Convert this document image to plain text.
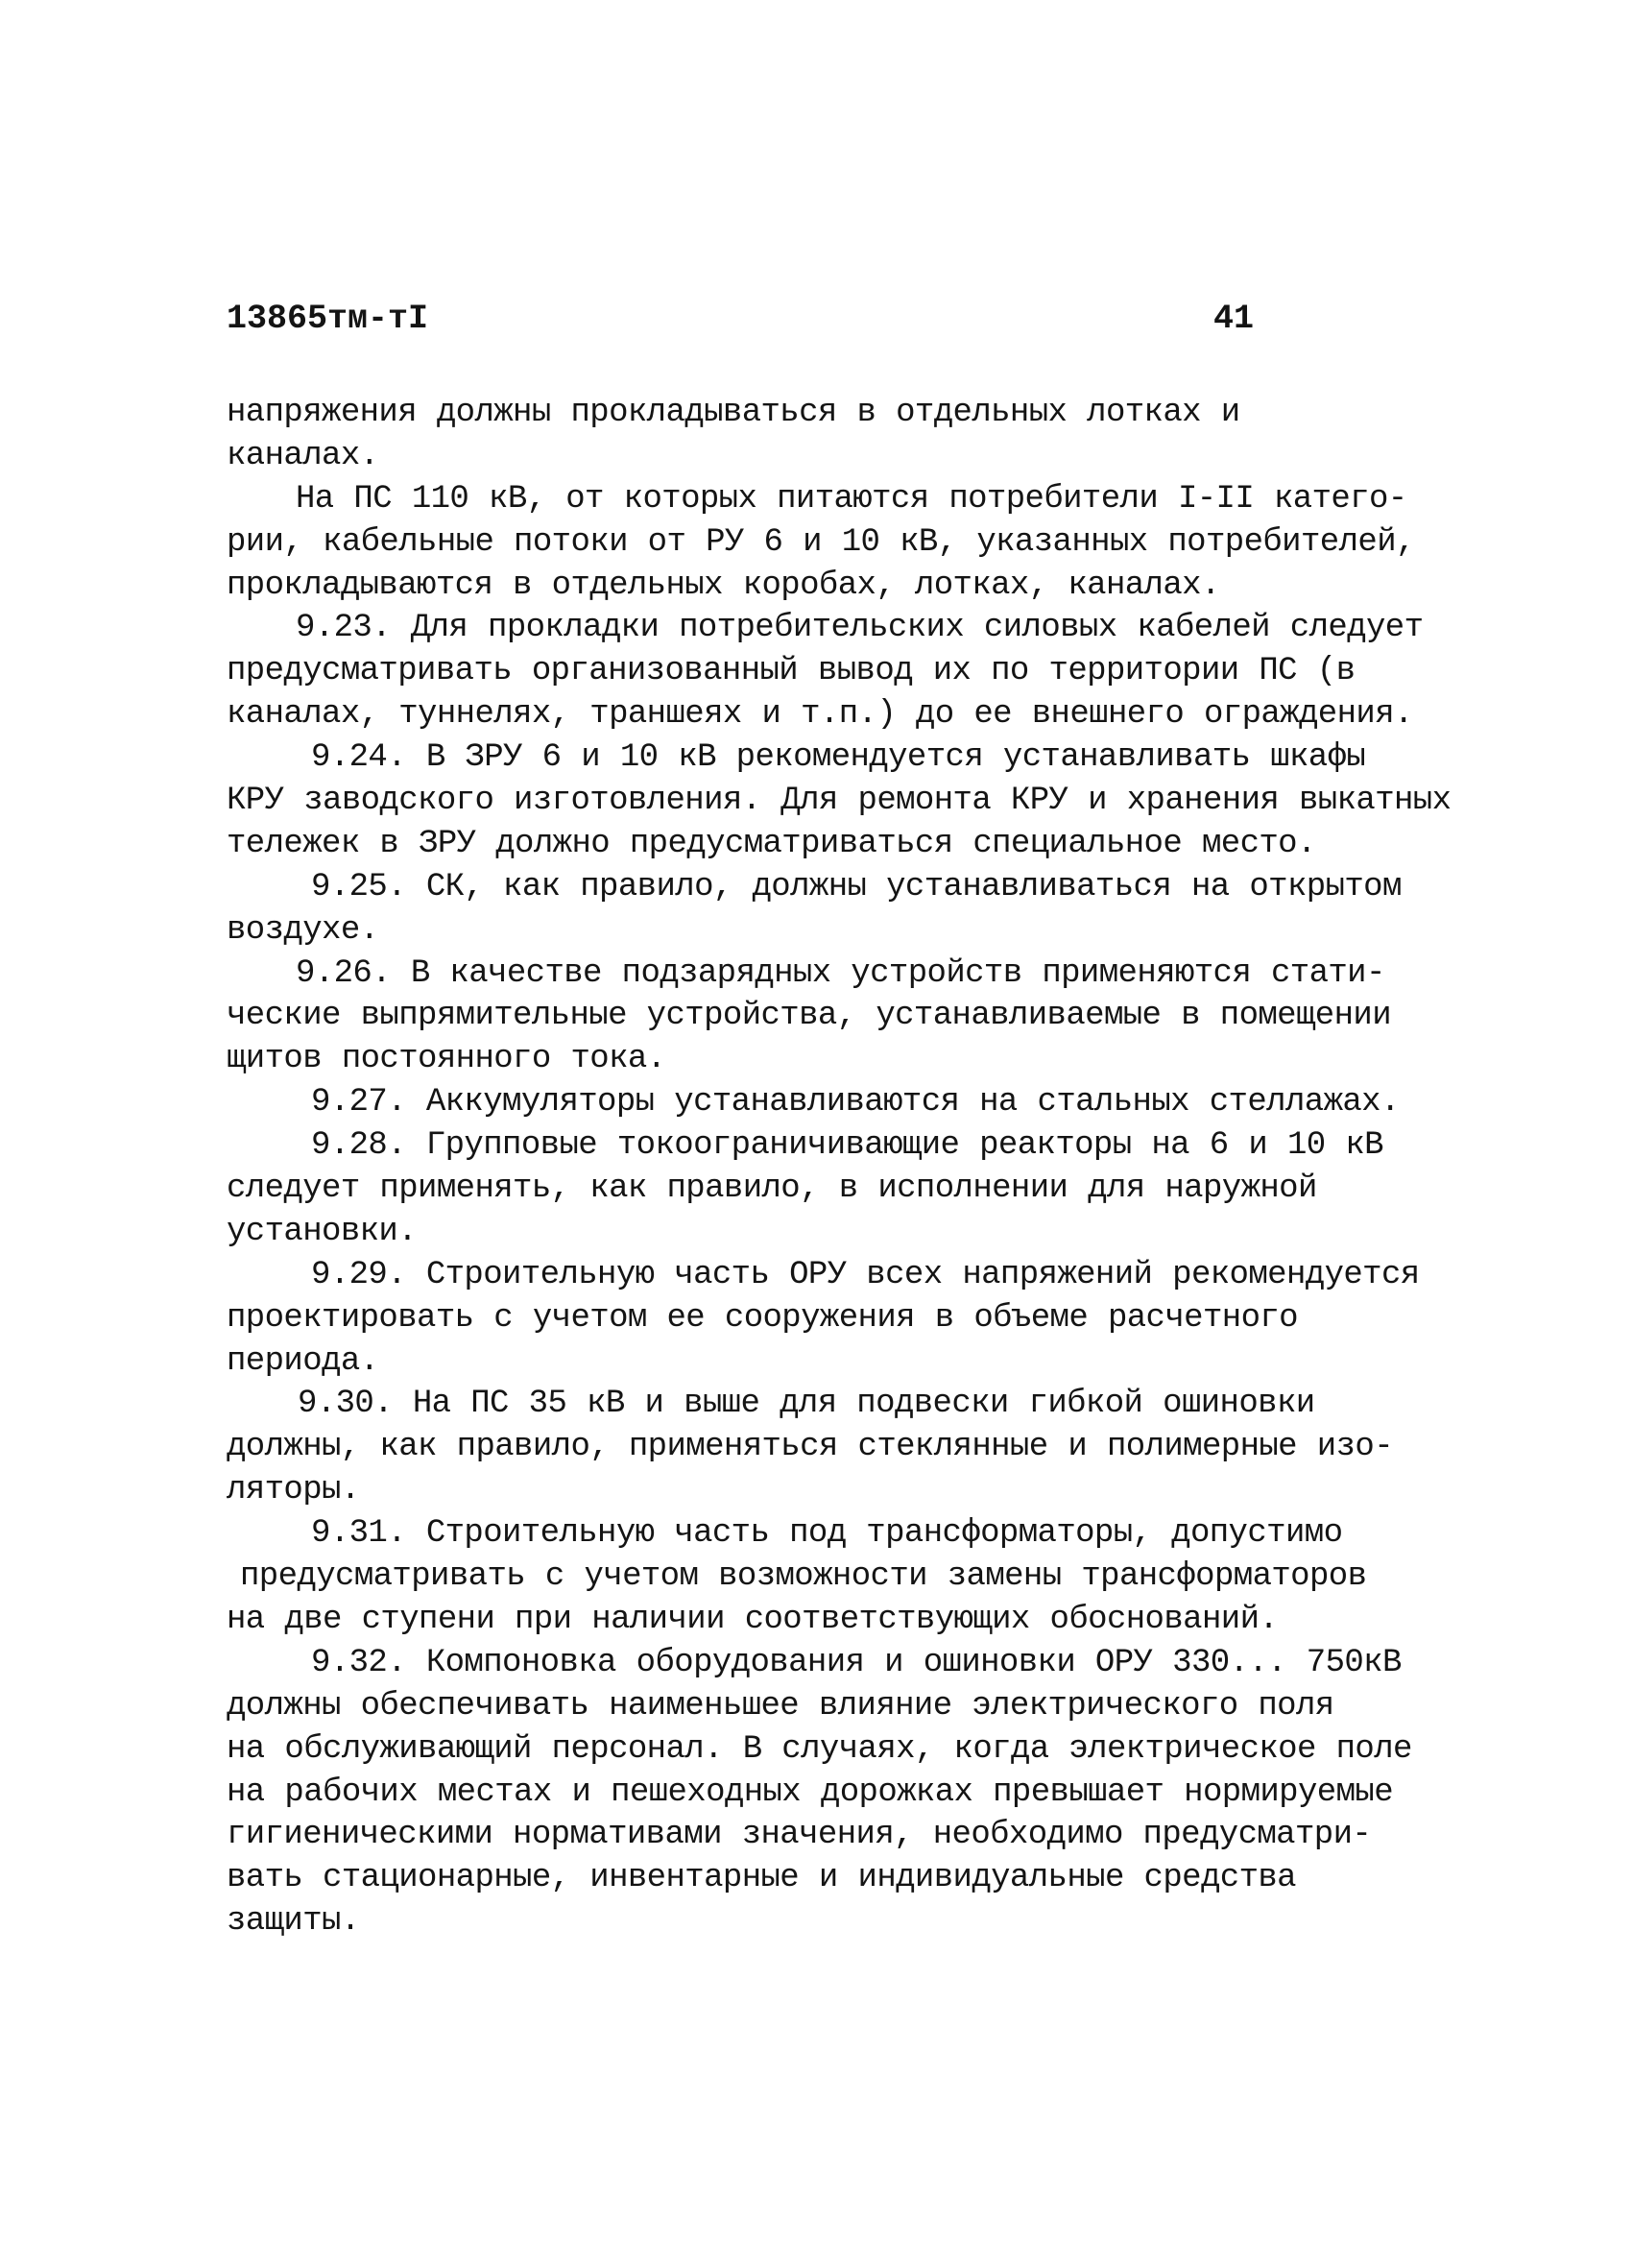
13865тм-тI	41
напряжения должны прокладываться в отдельных лотках и
каналах.
На ПС 110 кВ, от которых питаются потребители I-II катего-
рии, кабельные потоки от РУ 6 и 10 кВ, указанных потребителей,
прокладываются в отдельных коробах, лотках, каналах.
9.23. Для прокладки потребительских силовых кабелей следует
предусматривать организованный вывод их по территории ПС (в
каналах, туннелях, траншеях и т.п.) до ее внешнего ограждения.
9.24. В ЗРУ 6 и 10 кВ рекомендуется устанавливать шкафы
КРУ заводского изготовления. Для ремонта КРУ и хранения выкатных
тележек в ЗРУ должно предусматриваться специальное место.
9.25. СК, как правило, должны устанавливаться на открытом
воздухе.
9.26. В качестве подзарядных устройств применяются стати-
ческие выпрямительные устройства, устанавливаемые в помещении
щитов постоянного тока.
9.27. Аккумуляторы устанавливаются на стальных стеллажах.
9.28. Групповые токоограничивающие реакторы на 6 и 10 кВ
следует применять, как правило, в исполнении для наружной
установки.
9.29. Строительную часть ОРУ всех напряжений рекомендуется
проектировать с учетом ее сооружения в объеме расчетного
периода.
9.30. На ПС 35 кВ и выше для подвески гибкой ошиновки
должны, как правило, применяться стеклянные и полимерные изо-
ляторы.
9.31. Строительную часть под трансформаторы, допустимо
предусматривать с учетом возможности замены трансформаторов
на две ступени при наличии соответствующих обоснований.
9.32. Компоновка оборудования и ошиновки ОРУ 330... 750кВ
должны обеспечивать наименьшее влияние электрического поля
на обслуживающий персонал. В случаях, когда электрическое поле
на рабочих местах и пешеходных дорожках превышает нормируемые
гигиеническими нормативами значения, необходимо предусматри-
вать стационарные, инвентарные и индивидуальные средства
защиты.
